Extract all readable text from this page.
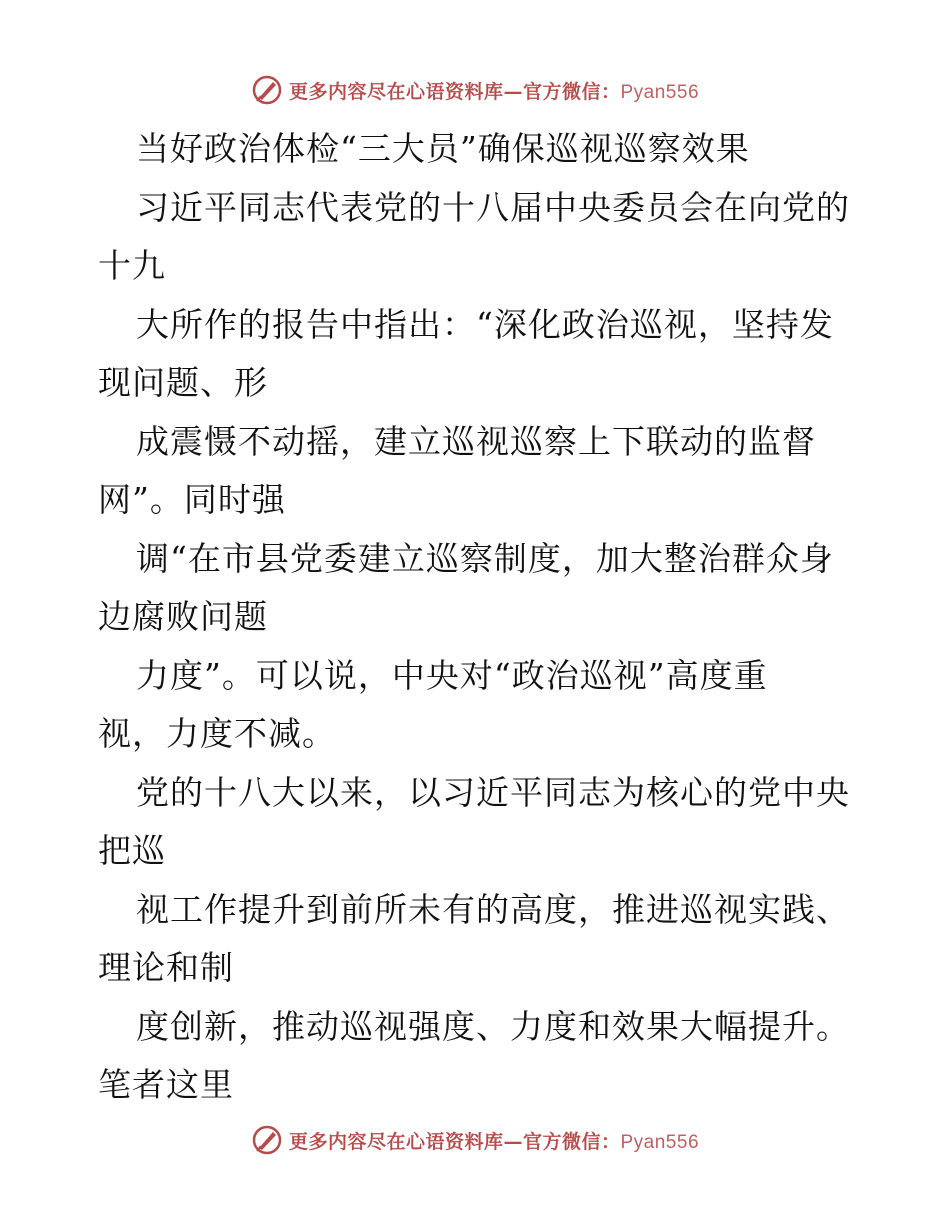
更多内容尽在心语资料库—官方微信：Pyan556
当好政治体检“三大员”确保巡视巡察效果
习近平同志代表党的十八届中央委员会在向党的
十九
大所作的报告中指出：“深化政治巡视，坚持发
现问题、形
成震慑不动摇，建立巡视巡察上下联动的监督
网”。同时强
调“在市县党委建立巡察制度，加大整治群众身
边腐败问题
力度”。可以说，中央对“政治巡视”高度重
视，力度不减。
党的十八大以来，以习近平同志为核心的党中央
把巡
视工作提升到前所未有的高度，推进巡视实践、
理论和制
度创新，推动巡视强度、力度和效果大幅提升。
笔者这里
更多内容尽在心语资料库—官方微信：Pyan556
